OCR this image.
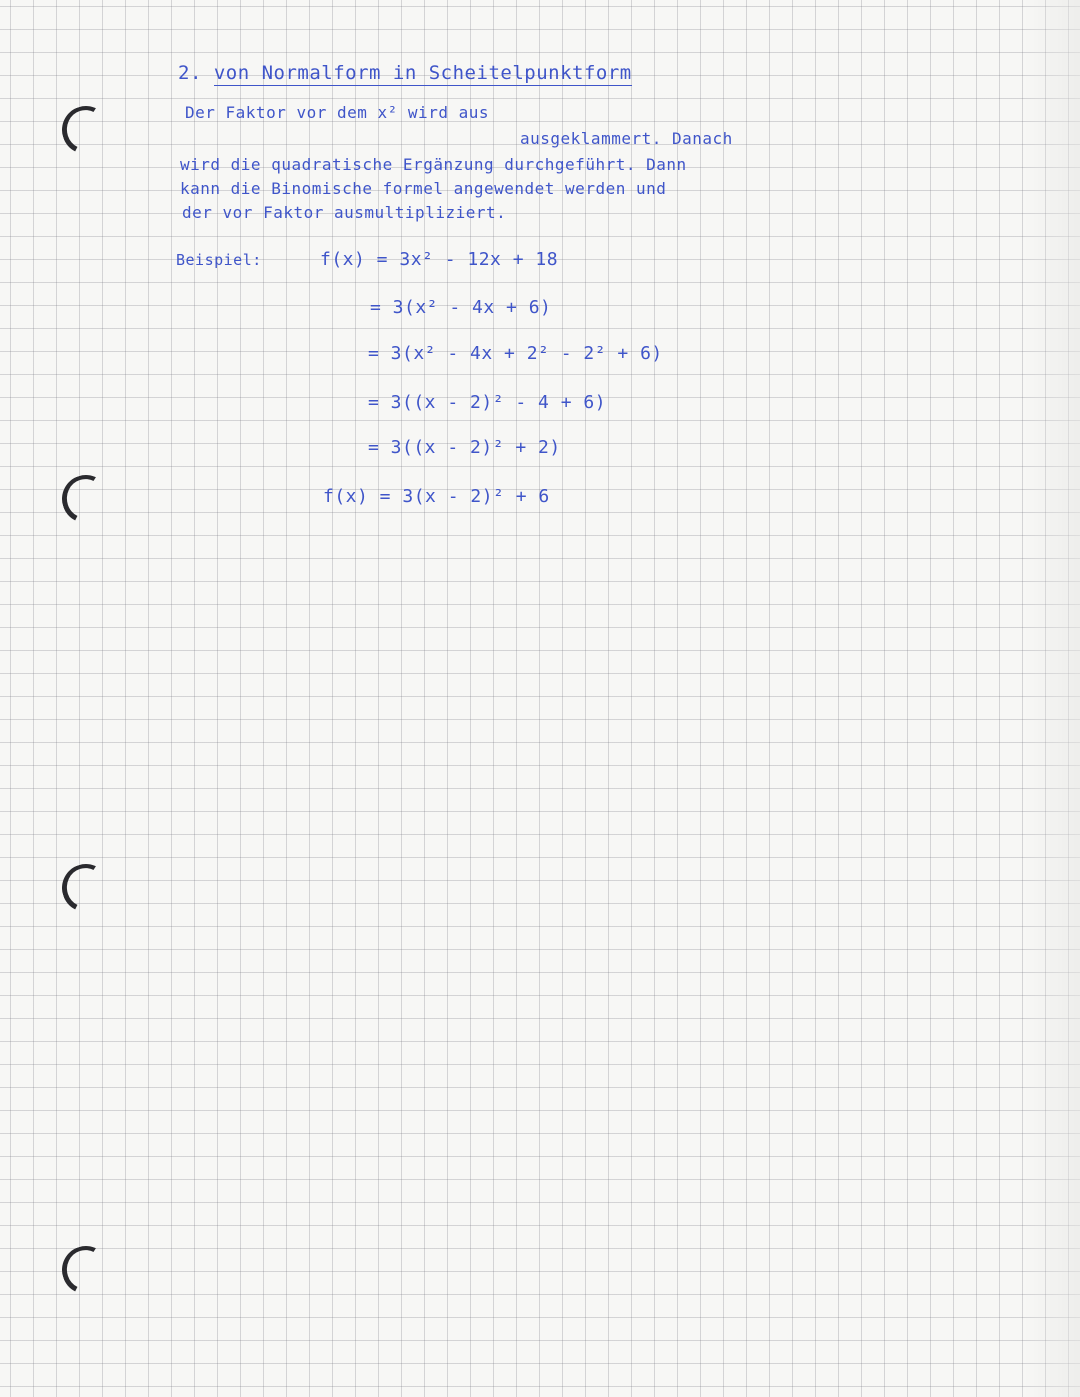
2. von Normalform in Scheitelpunktform
Der Faktor vor dem x² wird aus
ausgeklammert. Danach
wird die quadratische Ergänzung durchgeführt. Dann
kann die Binomische formel angewendet werden und
der vor Faktor ausmultipliziert.
Beispiel:	f(x) = 3x² - 12x + 18
= 3(x² - 4x + 6)
= 3(x² - 4x + 2² - 2² + 6)
= 3((x - 2)² - 4 + 6)
= 3((x - 2)² + 2)
f(x) = 3(x - 2)² + 6
